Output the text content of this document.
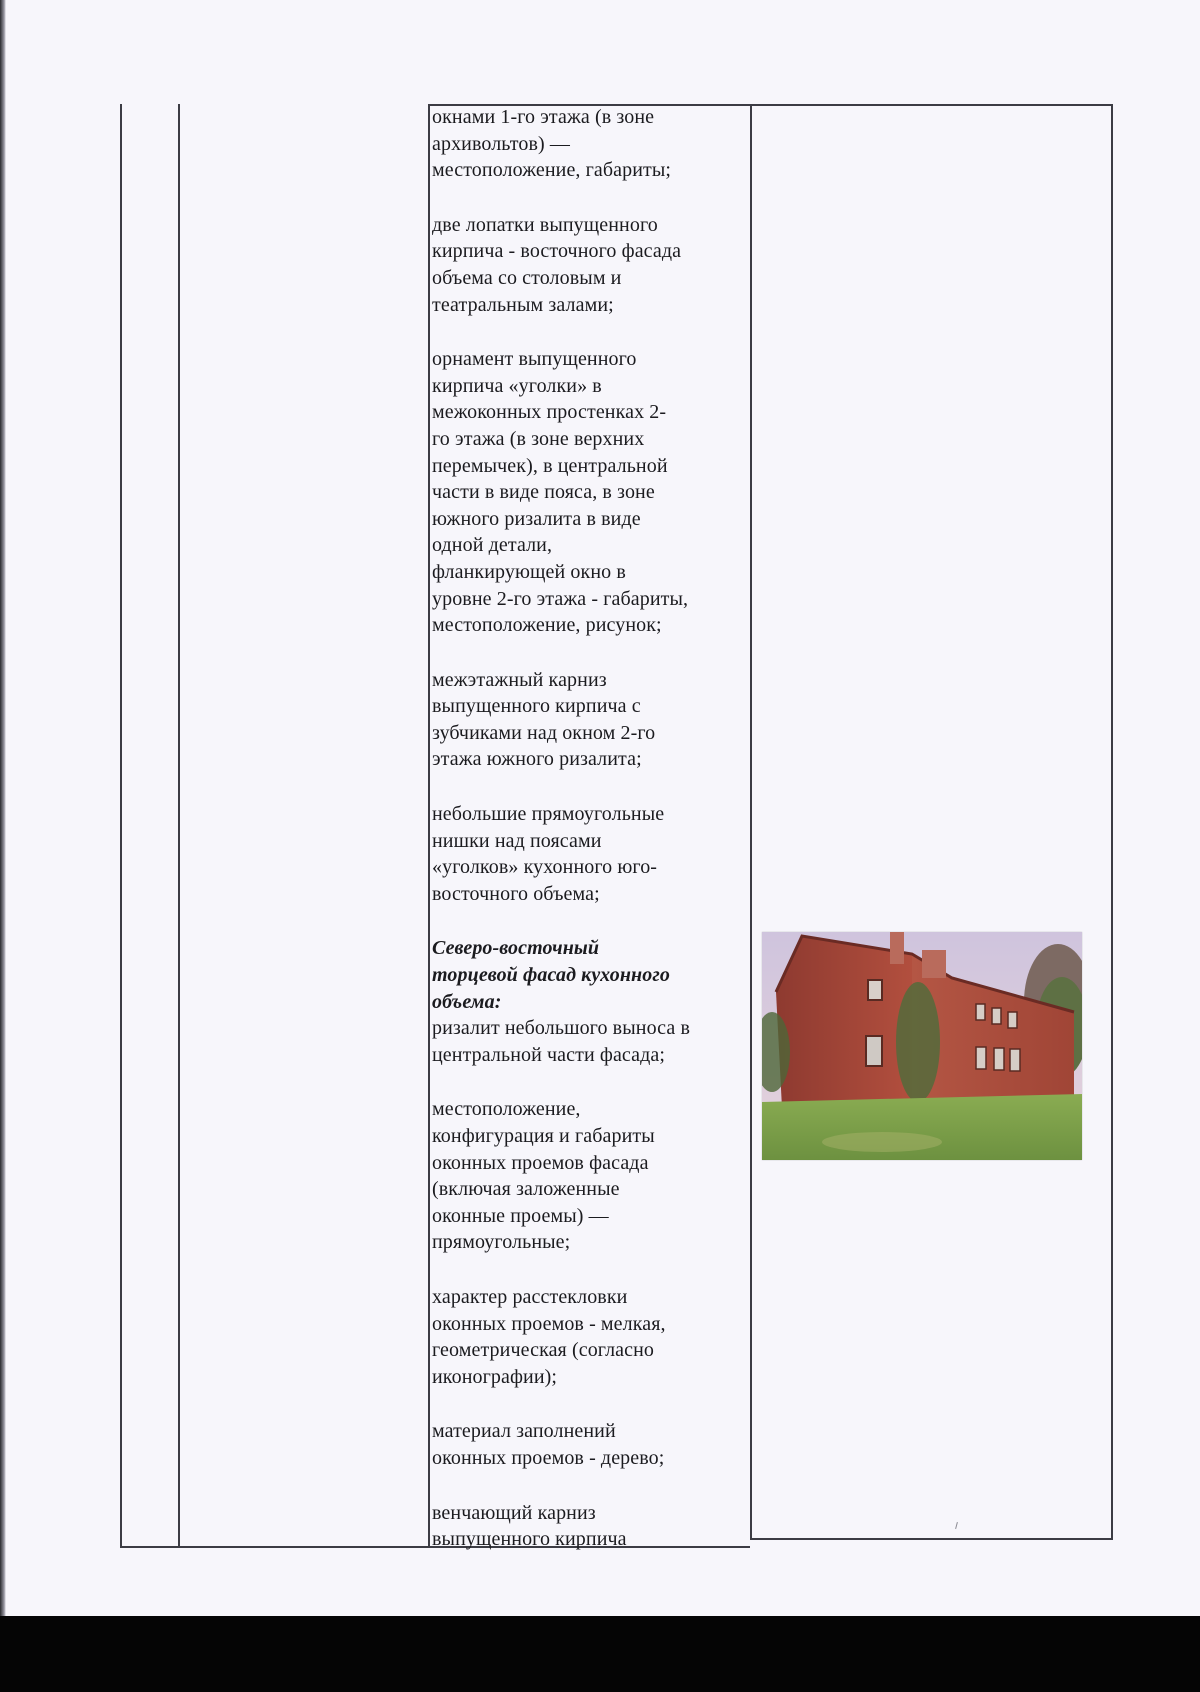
окнами 1-го этажа (в зоне
архивольтов) —
местоположение, габариты;

две лопатки выпущенного
кирпича - восточного фасада
объема со столовым и
театральным залами;

орнамент выпущенного
кирпича «уголки» в
межоконных простенках 2-
го этажа (в зоне верхних
перемычек), в центральной
части в виде пояса, в зоне
южного ризалита в виде
одной детали,
фланкирующей окно в
уровне 2-го этажа - габариты,
местоположение, рисунок;

межэтажный карниз
выпущенного кирпича с
зубчиками над окном 2-го
этажа южного ризалита;

небольшие прямоугольные
нишки над поясами
«уголков» кухонного юго-
восточного объема;

Северо-восточный
торцевой фасад кухонного
объема:

ризалит небольшого выноса в
центральной части фасада;

местоположение,
конфигурация и габариты
оконных проемов фасада
(включая заложенные
оконные проемы) —
прямоугольные;

характер расстекловки
оконных проемов - мелкая,
геометрическая (согласно
иконографии);

материал заполнений
оконных проемов - дерево;

венчающий карниз
выпущенного кирпича
